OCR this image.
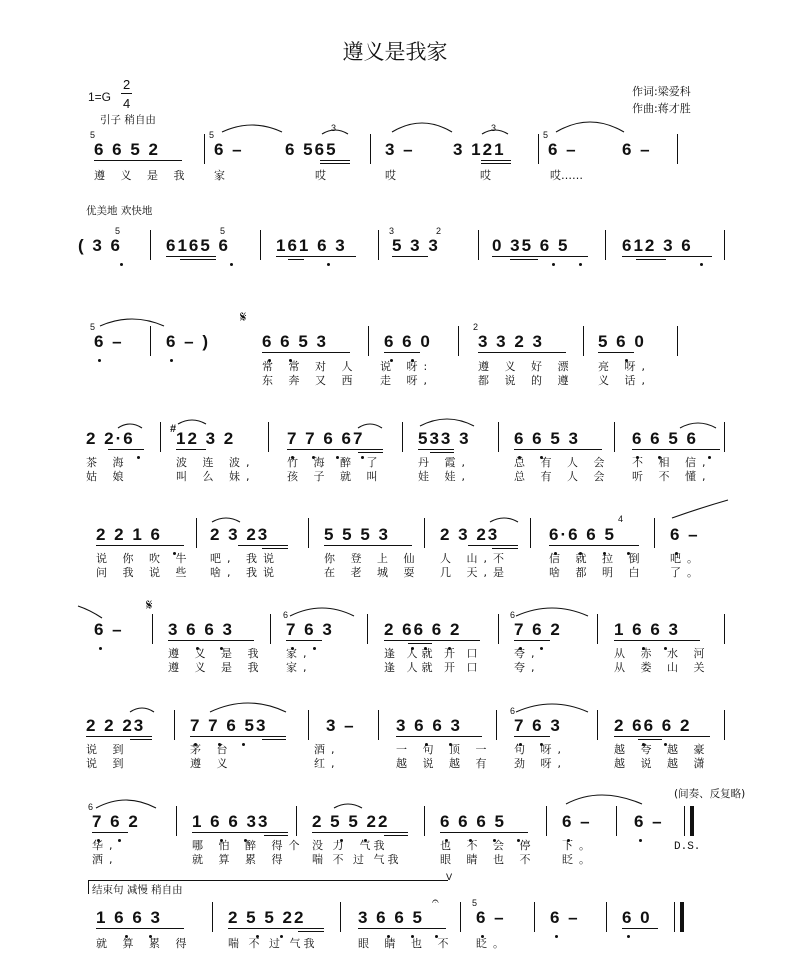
遵义是我家
1=G
2
4
作词:梁爱科
作曲:蒋才胜
引子 稍自由
6 6 5 2	6 – 6 565	3 – 3 121 6 –	6 –
5	5	5
遵 义 是 我 家	哎	哎	哎	哎……
优美地 欢快地
( 3 6	6165 6	161 6 3	5 3 3	0 35 6 5	612 3 6
5	5	3	2
6 – 6 – )	6 6 5 3	6 6 0	3 3 2 3	5 6 0
𝄋
5	2
常 常 对 人 说 呀:	遵 义 好 漂 亮 呀,
东 奔 又 西 走 呀,	都 说 的 遵 义 话,
2 2·6 12 3 2	7 7 6 67	533 3	6 6 5 3	6 6 5 6
#
茶 海	波 连 波,	竹 海 醉 了	丹 霞,	总 有 人 会 不 相 信,
姑 娘	叫 么 妹,	孩 子 就 叫	娃 娃,	总 有 人 会 听 不 懂,
2 2 1 6	2 3 23	5 5 5 3	2 3 23	6·6 6 5	6 –
4
说 你 吹 牛 吧, 我说	你 登 上 仙 人 山,不	信 就 拉 倒 吧。
问 我 说 些 啥, 我说	在 老 城 耍 几 天,是	啥 都 明 白 了。
6 –	3 6 6 3	7 6 3	2 66 6 2	7 6 2	1 6 6 3
𝄋
6	6
遵 义 是 我 家,	逢 人就 开 口	夸,	从 赤 水 河
遵 义 是 我 家,	逢 人就 开 口	夸,	从 娄 山 关
2 2 23	7 7 6 53	3 – 3 6 6 3	7 6 3	2 66 6 2
6
说 到	茅 台	酒,	一 句 顶 一 句 呀,	越 夸 越 豪
说 到	遵 义	红,	越 说 越 有 劲 呀,	越 说 越 潇
(间奏、反复略)
7 6 2	1 6 6 33	2 5 5 22	6 6 6 5	6 – 6 –
6
华,	哪 怕 醉 得个 没 力  气我	也 不 会 停 下。
洒,	就 算 累 得 喘 不 过 气我	眼 睛 也 不 眨。
D.S.
结束句 减慢 稍自由
V
1 6 6 3	2 5 5 22	3 6 6 5	6 –	6 – 6 0
𝄐	5
就 算 累 得	喘 不 过 气我	眼 睛 也 不 眨。
3	3
